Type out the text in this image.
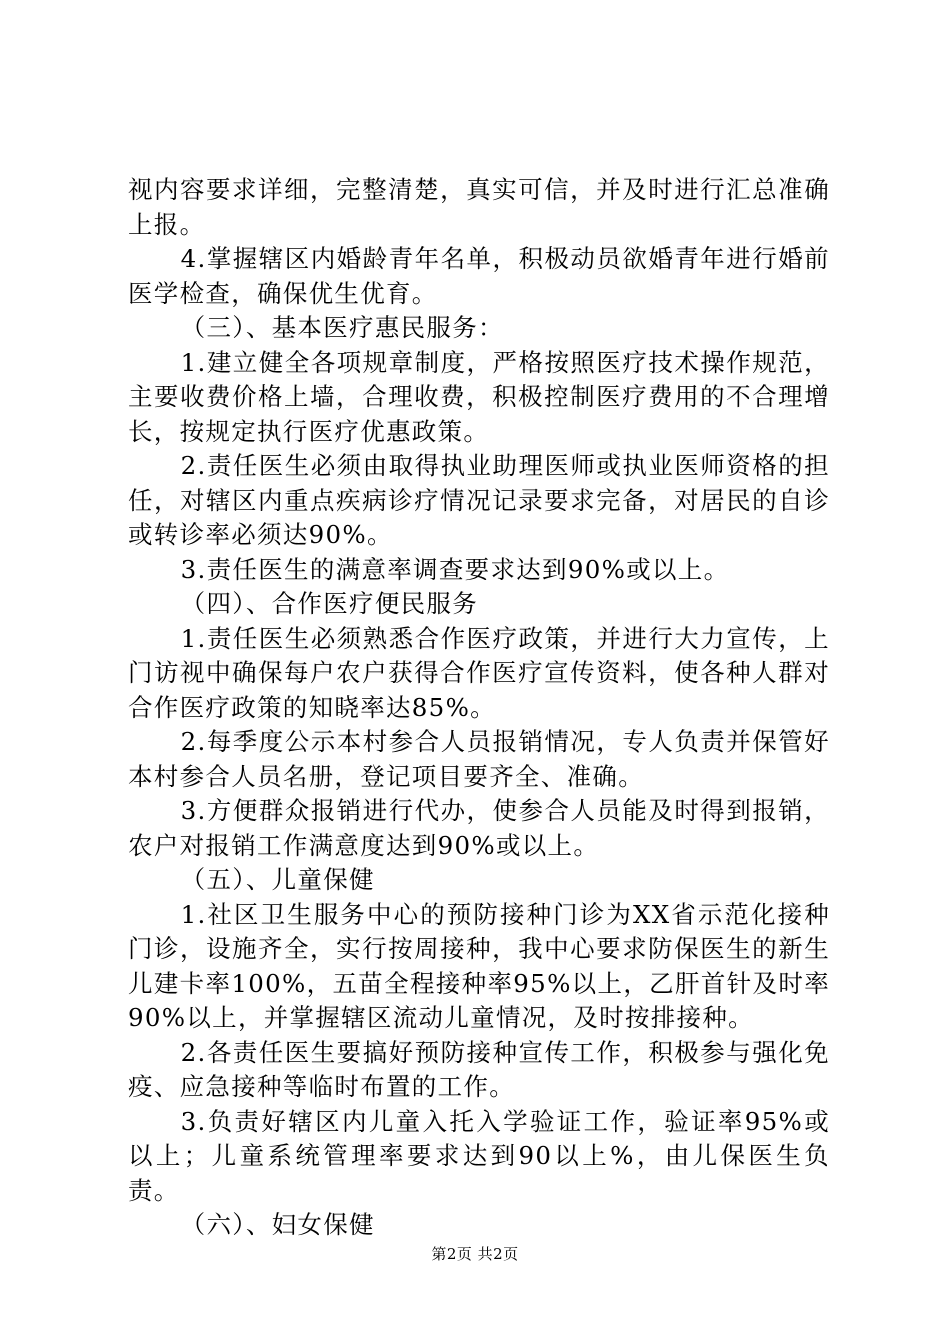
视内容要求详细，完整清楚，真实可信，并及时进行汇总准确上报。

4.掌握辖区内婚龄青年名单，积极动员欲婚青年进行婚前医学检查，确保优生优育。

（三）、基本医疗惠民服务：

1.建立健全各项规章制度，严格按照医疗技术操作规范，主要收费价格上墙，合理收费，积极控制医疗费用的不合理增长，按规定执行医疗优惠政策。

2.责任医生必须由取得执业助理医师或执业医师资格的担任，对辖区内重点疾病诊疗情况记录要求完备，对居民的自诊或转诊率必须达90%。

3.责任医生的满意率调查要求达到90%或以上。

（四）、合作医疗便民服务

1.责任医生必须熟悉合作医疗政策，并进行大力宣传，上门访视中确保每户农户获得合作医疗宣传资料，使各种人群对合作医疗政策的知晓率达85%。

2.每季度公示本村参合人员报销情况，专人负责并保管好本村参合人员名册，登记项目要齐全、准确。

3.方便群众报销进行代办，使参合人员能及时得到报销，农户对报销工作满意度达到90%或以上。

（五）、儿童保健

1.社区卫生服务中心的预防接种门诊为XX省示范化接种门诊，设施齐全，实行按周接种，我中心要求防保医生的新生儿建卡率100%，五苗全程接种率95%以上，乙肝首针及时率90%以上，并掌握辖区流动儿童情况，及时按排接种。

2.各责任医生要搞好预防接种宣传工作，积极参与强化免疫、应急接种等临时布置的工作。

3.负责好辖区内儿童入托入学验证工作，验证率95%或以上；儿童系统管理率要求达到90以上%，由儿保医生负责。

（六）、妇女保健

第2页 共2页
